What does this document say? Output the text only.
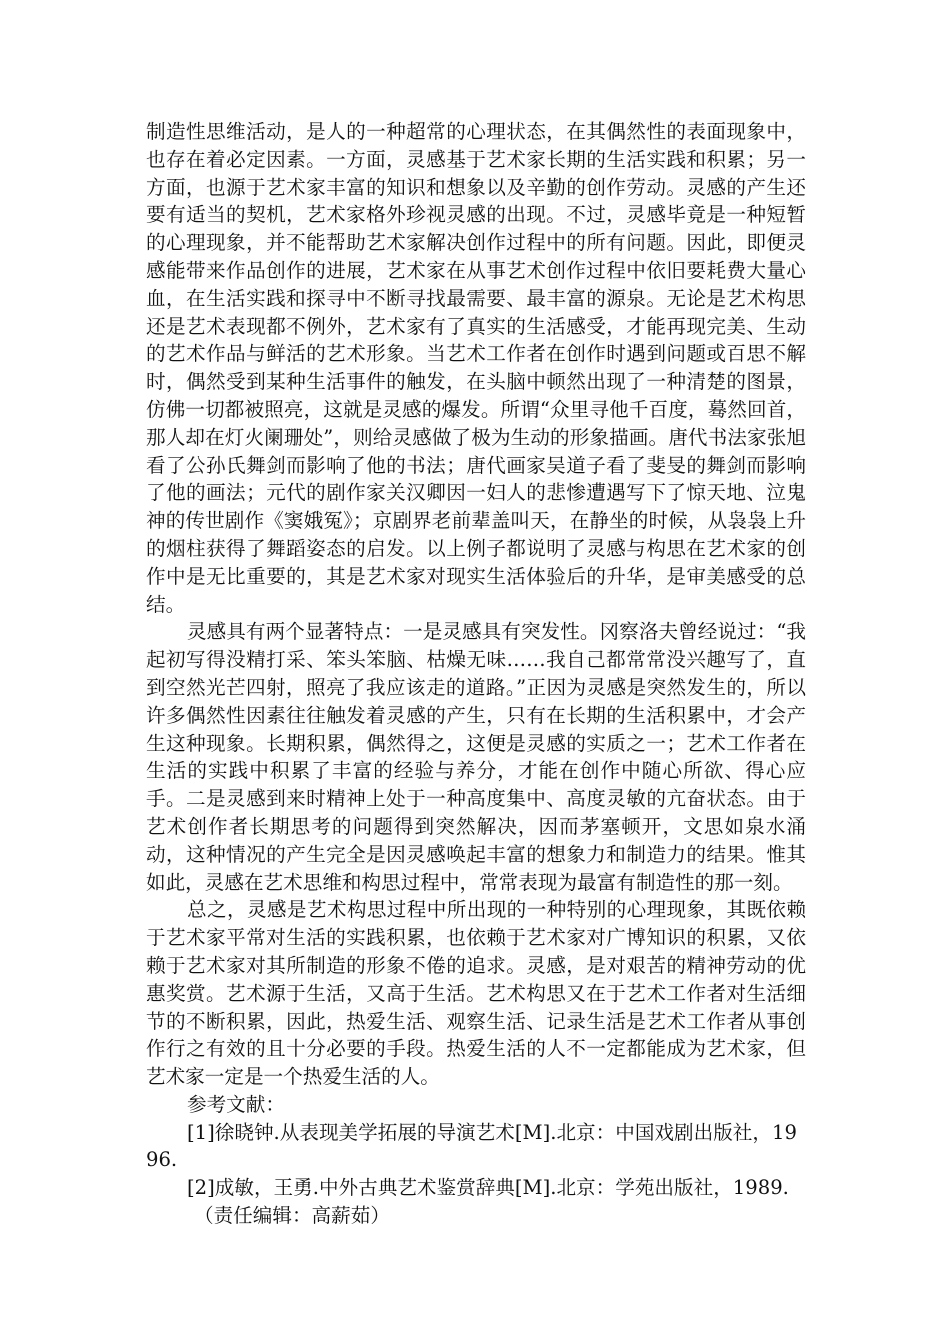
制造性思维活动，是人的一种超常的心理状态，在其偶然性的表面现象中，也存在着必定因素。一方面，灵感基于艺术家长期的生活实践和积累；另一方面，也源于艺术家丰富的知识和想象以及辛勤的创作劳动。灵感的产生还要有适当的契机，艺术家格外珍视灵感的出现。不过，灵感毕竟是一种短暂的心理现象，并不能帮助艺术家解决创作过程中的所有问题。因此，即便灵感能带来作品创作的进展，艺术家在从事艺术创作过程中依旧要耗费大量心血，在生活实践和探寻中不断寻找最需要、最丰富的源泉。无论是艺术构思还是艺术表现都不例外，艺术家有了真实的生活感受，才能再现完美、生动的艺术作品与鲜活的艺术形象。当艺术工作者在创作时遇到问题或百思不解时，偶然受到某种生活事件的触发，在头脑中顿然出现了一种清楚的图景，仿佛一切都被照亮，这就是灵感的爆发。所谓“众里寻他千百度，蓦然回首，那人却在灯火阑珊处”，则给灵感做了极为生动的形象描画。唐代书法家张旭看了公孙氏舞剑而影响了他的书法；唐代画家吴道子看了斐旻的舞剑而影响了他的画法；元代的剧作家关汉卿因一妇人的悲惨遭遇写下了惊天地、泣鬼神的传世剧作《窦娥冤》；京剧界老前辈盖叫天，在静坐的时候，从袅袅上升的烟柱获得了舞蹈姿态的启发。以上例子都说明了灵感与构思在艺术家的创作中是无比重要的，其是艺术家对现实生活体验后的升华，是审美感受的总结。

灵感具有两个显著特点：一是灵感具有突发性。冈察洛夫曾经说过：“我起初写得没精打采、笨头笨脑、枯燥无味……我自己都常常没兴趣写了，直到空然光芒四射，照亮了我应该走的道路。”正因为灵感是突然发生的，所以许多偶然性因素往往触发着灵感的产生，只有在长期的生活积累中，才会产生这种现象。长期积累，偶然得之，这便是灵感的实质之一；艺术工作者在生活的实践中积累了丰富的经验与养分，才能在创作中随心所欲、得心应手。二是灵感到来时精神上处于一种高度集中、高度灵敏的亢奋状态。由于艺术创作者长期思考的问题得到突然解决，因而茅塞顿开，文思如泉水涌动，这种情况的产生完全是因灵感唤起丰富的想象力和制造力的结果。惟其如此，灵感在艺术思维和构思过程中，常常表现为最富有制造性的那一刻。

总之，灵感是艺术构思过程中所出现的一种特别的心理现象，其既依赖于艺术家平常对生活的实践积累，也依赖于艺术家对广博知识的积累，又依赖于艺术家对其所制造的形象不倦的追求。灵感，是对艰苦的精神劳动的优惠奖赏。艺术源于生活，又高于生活。艺术构思又在于艺术工作者对生活细节的不断积累，因此，热爱生活、观察生活、记录生活是艺术工作者从事创作行之有效的且十分必要的手段。热爱生活的人不一定都能成为艺术家，但艺术家一定是一个热爱生活的人。

参考文献：

[1]徐晓钟.从表现美学拓展的导演艺术[M].北京：中国戏剧出版社，1996.

[2]成敏，王勇.中外古典艺术鉴赏辞典[M].北京：学苑出版社，1989.

（责任编辑：高薪茹）
